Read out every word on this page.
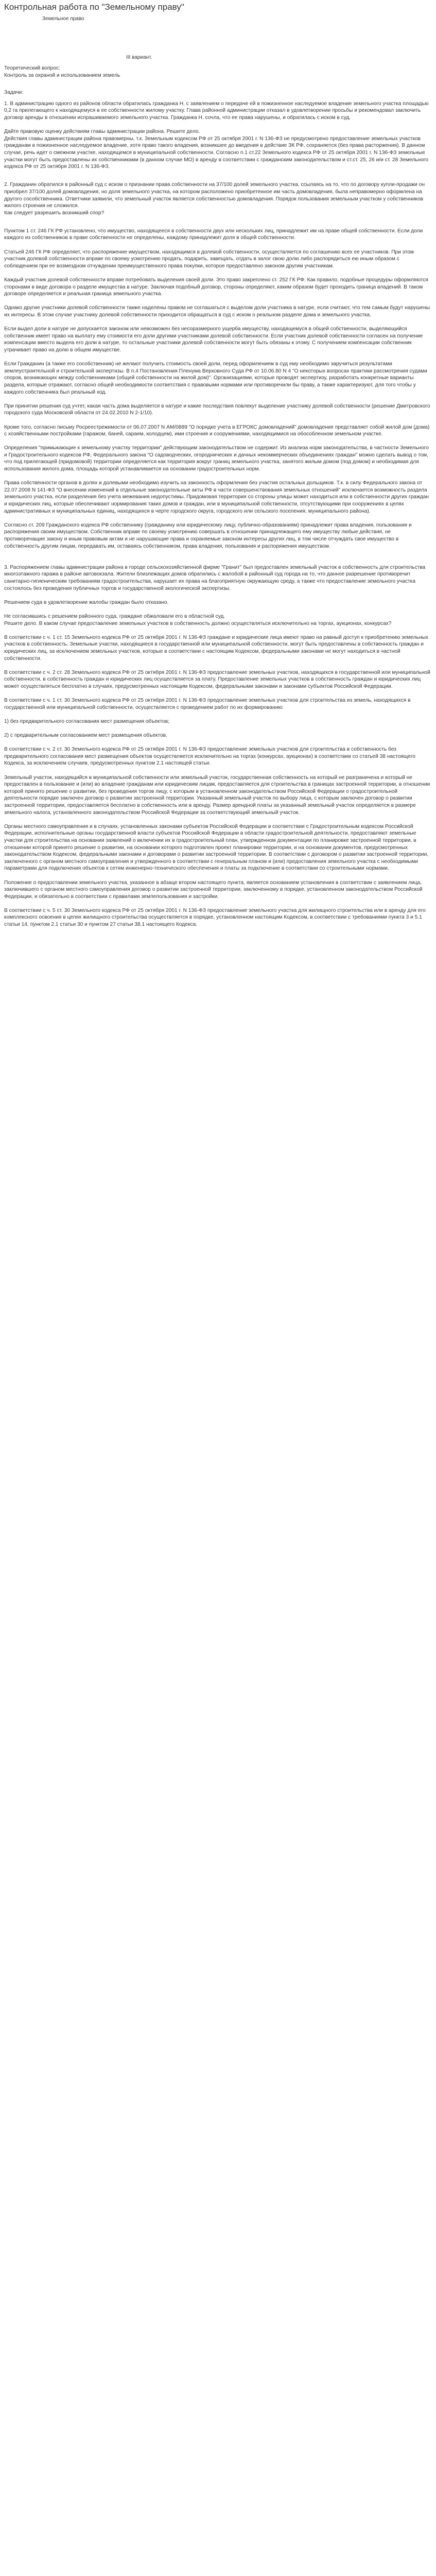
Контрольная работа по "Земельному праву"
Земельное право
III вариант.

Теоретический вопрос:

Контроль за охраной и использованием земель

Задачи:

1. В администрацию одного из районов области обратилась гражданка Н. с заявлением о передаче ей в пожизненное наследуемое владение земельного участка площадью 0,2 га прилегающего к находящемуся в ее собственности жилому участку. Глава районной администрации отказал в удовлетворении просьбы и рекомендовал заключить договор аренды в отношении испрашиваемого земельного участка. Гражданка Н. сочла, что ее права нарушены, и обратилась с иском в суд.

Дайте правовую оценку действиям главы администрации района. Решите дело.

Действия главы администрации района правомерны, т.к. Земельным кодексом РФ от 25 октября 2001 г. N 136-ФЗ не предусмотрено предоставление земельных участков гражданам в пожизненное наследуемое владение, хотя право такого владения, возникшее до введения в действие ЗК РФ, сохраняется (без права расторжения). В данном случае, речь идет о смежном участке, находящемся в муниципальной собственности. Согласно п.1 ст.22 Земельного кодекса РФ от 25 октября 2001 г. N 136-ФЗ земельные участки могут быть предоставлены их собственниками (в данном случае МО) в аренду в соответствии с гражданским законодательством и ст.ст. 25, 26 и/и ст. 28 Земельного кодекса РФ от 25 октября 2001 г. N 136-ФЗ.

2. Гражданин обратился в районный суд с иском о признании права собственности на 37/100 долей земельного участка, ссылаясь на то, что по договору купли-продажи он приобрел 37/100 долей домовладения, но доля земельного участка, на котором расположено приобретенное им часть домовладения, была неправомерно оформлена на другого сособственника. Ответчики заявили, что земельный участок является собственностью домовладения. Порядок пользования земельным участком у собственников жилого строения не сложился.

Как следует разрешить возникший спор?

Пунктом 1 ст. 246 ГК РФ установлено, что имущество, находящееся в собственности двух или нескольких лиц, принадлежит им на праве общей собственности. Если доли каждого из собственников в праве собственности не определены, каждому принадлежит доля в общей собственности.

Статьей 246 ГК РФ определяет, что распоряжение имуществом, находящимся в долевой собственности, осуществляется по соглашению всех ее участников. При этом участник долевой собственности вправе по своему усмотрению продать, подарить, завещать, отдать в залог свою долю либо распорядиться ею иным образом с соблюдением при ее возмездном отчуждении преимущественного права покупки, которое предоставлено законом другим участникам.

Каждый участник долевой собственности вправе потребовать выделения своей доли. Это право закреплено ст. 252 ГК РФ. Как правило, подобные процедуры оформляются сторонами в виде договора о разделе имущества в натуре. Заключая подобный договор, стороны определяют, каким образом будет проходить граница владений. В таком договоре определяется и реальная граница земельного участка.

Однако другие участники долевой собственности также наделены правом не соглашаться с выделом доли участника в натуре, если считают, что тем самым будут нарушены их интересы. В этом случае участнику долевой собственности приходится обращаться в суд с иском о реальном разделе дома и земельного участка.

Если выдел доли в натуре не допускается законом или невозможен без несоразмерного ущерба имуществу, находящемуся в общей собственности, выделяющийся собственник имеет право на выплату ему стоимости его доли другими участниками долевой собственности. Если участник долевой собственности согласен на получение компенсации вместо выдела его доли в натуре, то остальные участники долевой собственности могут быть обязаны к этому. С получением компенсации собственник утрачивает право на долю в общем имуществе.

Если Гражданин (а также его сособственник) не желают получить стоимость своей доли, перед оформлением в суд ему необходимо заручиться результатами землеустроительной и строительной экспертизы. В п.4 Постановления Пленума Верховного Суда РФ от 10.06.80 N 4 "О некоторых вопросах практики рассмотрения судами споров, возникающих между собственниками (общей собственности на жилой дом)". Организациями, которые проводят экспертизу, разработать конкретные варианты раздела, которые отражают, согласно общей необходимости соответствия с правовыми нормами или противоречили бы праву, а также характеризуют, для того чтобы у каждого собственника был реальный ход.

При принятии решения суд учтет, какая часть дома выделяется в натуре и какие последствия повлекут выделение участнику долевой собственности (решение Дмитровского городского суда Московской области от 24.02.2010 N 2-1/10).

Кроме того, согласно письму Росреестрежимости от 06.07.2007 N АМ/0889 "О порядке учета в ЕГРОКС домовладений" домовладение представляет собой жилой дом (дома) с хозяйственными постройками (гаражом, баней, сараем, колодцем), ими строения и сооружениями, находящимися на обособленном земельном участке.

Определения "примыкающие к земельному участку территории" действующим законодательством не содержит. Из анализа норм законодательства, в частности Земельного и Градостроительного кодексов РФ, Федерального закона "О садоводческих, огороднических и дачных некоммерческих объединениях граждан" можно сделать вывод о том, что под прилегающей (придомовой) территории определяется как территория вокруг границ земельного участка, занятого жилым домом (под домом) и необходимая для использования жилого дома, площадь которой устанавливается на основании градостроительных норм.

Права собственности органов в долях и долевыми необходимо изучить на законность оформления без участия остальных дольщиков. Т.к. в силу Федерального закона от 22.07.2008 N 141-ФЗ "О внесении изменений в отдельные законодательные акты РФ в части совершенствования земельных отношений" исключается возможность раздела земельного участка, если разделения без учета межевания недопустимы. Придомовая территория со стороны улицы может находиться или в собственности других граждан и юридических лиц, которые обеспечивают нормирования таких домов и граждан, или в муниципальной собственности, отсутствующими при сооружениях в целях административных и муниципальных единиц, находящихся в черте городского округа, городского или сельского поселения, муниципального района).

Согласно ст. 209 Гражданского кодекса РФ собственнику (гражданину или юридическому лицу, публично-образованиям) принадлежит права владения, пользования и распоряжения своим имуществом. Собственник вправе по своему усмотрению совершать в отношении принадлежащего ему имуществу любые действия, не противоречащие закону и иным правовым актам и не нарушающие права и охраняемые законом интересы других лиц, в том числе отчуждать свое имущество в собственность другим лицам, передавать им, оставаясь собственником, права владения, пользования и распоряжения имуществом.

3. Распоряжением главы администрации района в городе сельскохозяйственной фирме "Гранит" был предоставлен земельный участок в собственность для строительства многоэтажного гаража в районе автовокзала. Жители близлежащих домов обратились с жалобой в районный суд города на то, что данное разрешение противоречит санитарно-гигиеническим требованиям градостроительства, нарушает их права на благоприятную окружающую среду, а также что предоставление земельного участка состоялось без проведения публичных торгов и государственной экологической экспертизы.

Решением суда в удовлетворении жалобы граждан было отказано.

Не согласившись с решением районного суда, граждане обжаловали его в областной суд.

Решите дело. В каком случае предоставление земельных участков в собственность должно осуществляться исключительно на торгах, аукционах, конкурсах?

В соответствии с ч. 1 ст. 15 Земельного кодекса РФ от 25 октября 2001 г. N 136-ФЗ граждане и юридические лица имеют право на равный доступ к приобретению земельных участков в собственность. Земельные участки, находящиеся в государственной или муниципальной собственности, могут быть предоставлены в собственность граждан и юридических лиц, за исключением земельных участков, которые в соответствии с настоящим Кодексом, федеральными законами не могут находиться в частной собственности.

В соответствии с ч. 2 ст. 28 Земельного кодекса РФ от 25 октября 2001 г. N 136-ФЗ предоставление земельных участков, находящихся в государственной или муниципальной собственности, в собственность граждан и юридических лиц осуществляется за плату. Предоставление земельных участков в собственность граждан и юридических лиц может осуществляться бесплатно в случаях, предусмотренных настоящим Кодексом, федеральными законами и законами субъектов Российской Федерации.

В соответствии с ч. 1 ст. 30 Земельного кодекса РФ от 25 октября 2001 г. N 136-ФЗ предоставление земельных участков для строительства из земель, находящихся в государственной или муниципальной собственности, осуществляется с проведением работ по их формированию:

1) без предварительного согласования мест размещения объектов;

2) с предварительным согласованием мест размещения объектов.

В соответствии с ч. 2 ст. 30 Земельного кодекса РФ от 25 октября 2001 г. N 136-ФЗ предоставление земельных участков для строительства в собственность без предварительного согласования мест размещения объектов осуществляется исключительно на торгах (конкурсах, аукционах) в соответствии со статьей 38 настоящего Кодекса, за исключением случаев, предусмотренных пунктом 2.1 настоящей статьи.

Земельный участок, находящийся в муниципальной собственности или земельный участок, государственная собственность на который не разграничена и который не предоставлен в пользование и (или) во владение гражданам или юридическим лицам, предоставляется для строительства в границах застроенной территории, в отношении которой принято решение о развитии, без проведения торгов лицу, с которым в установленном законодательством Российской Федерации о градостроительной деятельности порядке заключен договор о развитии застроенной территории. Указанный земельный участок по выбору лица, с которым заключен договор о развитии застроенной территории, предоставляется бесплатно в собственность или в аренду. Размер арендной платы за указанный земельный участок определяется в размере земельного налога, установленного законодательством Российской Федерации за соответствующий земельный участок.

Органы местного самоуправления и в случаях, установленных законами субъектов Российской Федерации в соответствии с Градостроительным кодексом Российской Федерации, исполнительные органы государственной власти субъектов Российской Федерации в области градостроительной деятельности, предоставляют земельные участки для строительства на основании заявлений о включении их в градостроительный план, утвержденном документации по планировке застроенной территории, в отношении которой принято решение о развитии, на основании которого подготовлен проект планировки территории, и на основании документов, предусмотренных законодательством Кодексом, федеральными законами и договорами о развитии застроенной территории. В соответствии с договором о развитии застроенной территории, заключенного с органом местного самоуправления и утвержденного в соответствии с генеральным планом и (или) предоставления земельного участка с необходимыми параметрами для подключения объектов к сетям инженерно-технического обеспечения и платы за подключение в соответствии со строительными нормами.

Положение о предоставлении земельного участка, указанное в абзаце втором настоящего пункта, является основанием установления в соответствии с заявлением лица, заключившего с органом местного самоуправления договор о развитии застроенной территории, заключенному в порядке, установленном законодательством Российской Федерации, и обязательно в соответствии с правилами землепользования и застройки.

В соответствии с ч. 5 ст. 30 Земельного кодекса РФ от 25 октября 2001 г. N 136-ФЗ предоставление земельного участка для жилищного строительства или в аренду для его комплексного освоения в целях жилищного строительства осуществляется в порядке, установленном настоящим Кодексом, в соответствии с требованиями пункта 3 и 5.1 статьи 14, пунктом 2.1 статьи 30 и пунктом 27 статьи 38.1 настоящего Кодекса.
